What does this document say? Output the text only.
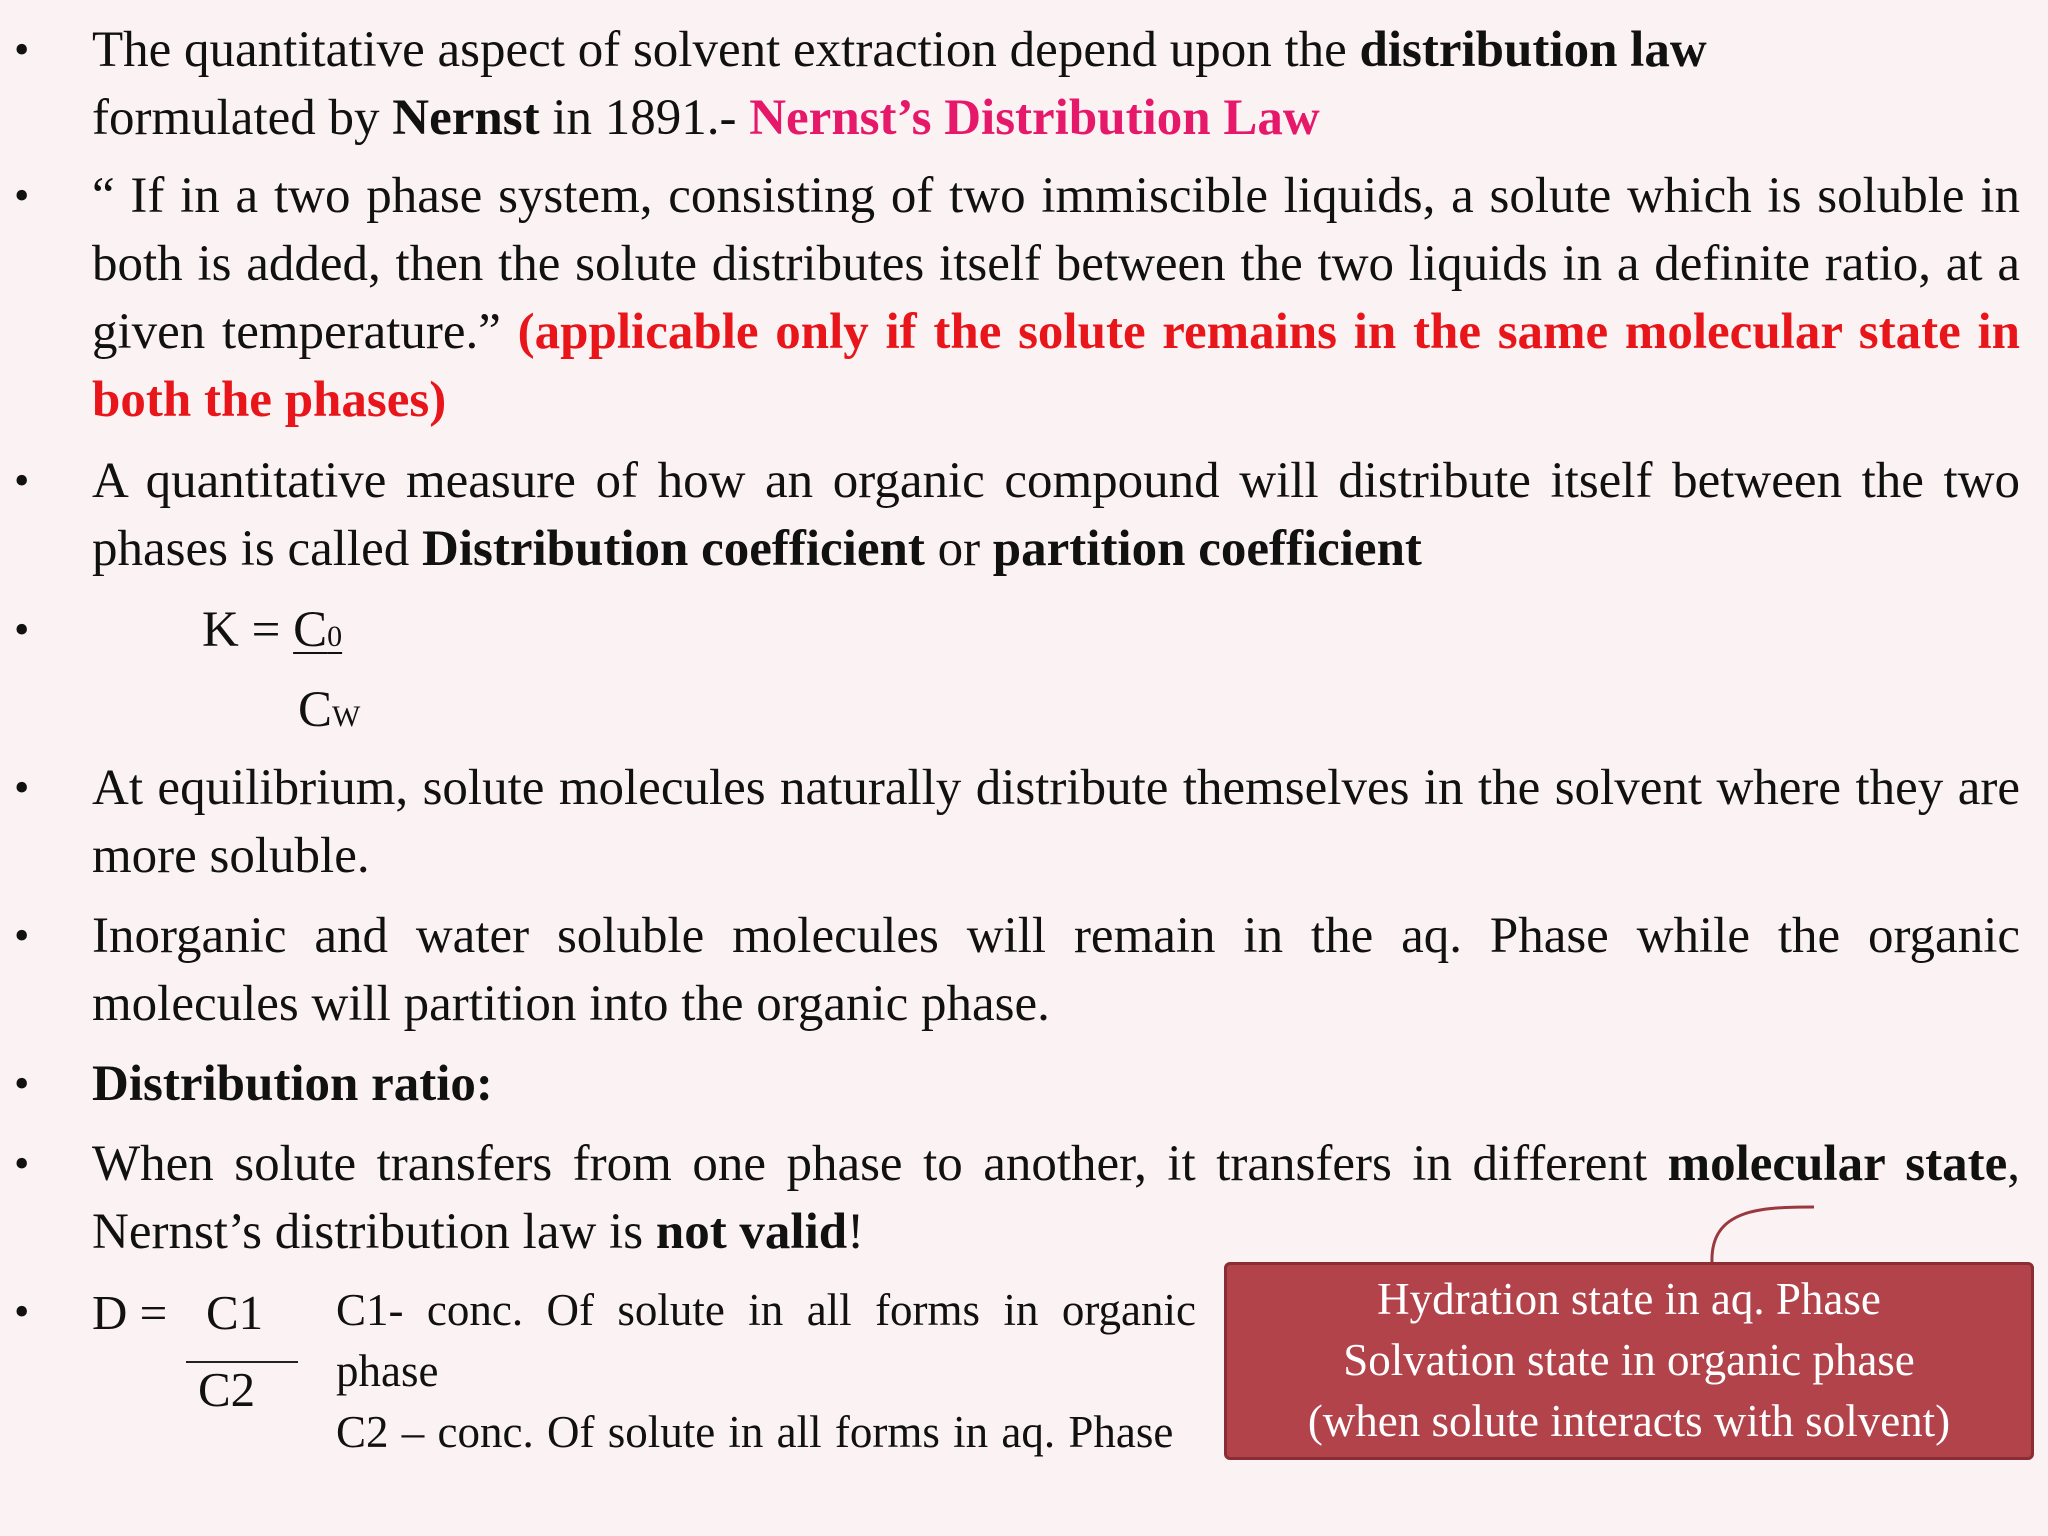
• The quantitative aspect of solvent extraction depend upon the distribution law
formulated by Nernst in 1891.- Nernst’s Distribution Law
• “ If in a two phase system, consisting of two immiscible liquids, a solute which is soluble in both is added, then the solute distributes itself between the two liquids in a definite ratio, at a given temperature.” (applicable only if the solute remains in the same molecular state in both the phases)
• A quantitative measure of how an organic compound will distribute itself between the two phases is called Distribution coefficient or partition coefficient
•	K = C0
CW
• At equilibrium, solute molecules naturally distribute themselves in the solvent where they are more soluble.
• Inorganic and water soluble molecules will remain in the aq. Phase while the organic molecules will partition into the organic phase.
• Distribution ratio:
• When solute transfers from one phase to another, it transfers in different molecular state, Nernst’s distribution law is not valid!
• D = C1
C2
C1- conc. Of solute in all forms in organic phase
C2 – conc. Of solute in all forms in aq. Phase
Hydration state in aq. Phase
Solvation state in organic phase
(when solute interacts with solvent)
